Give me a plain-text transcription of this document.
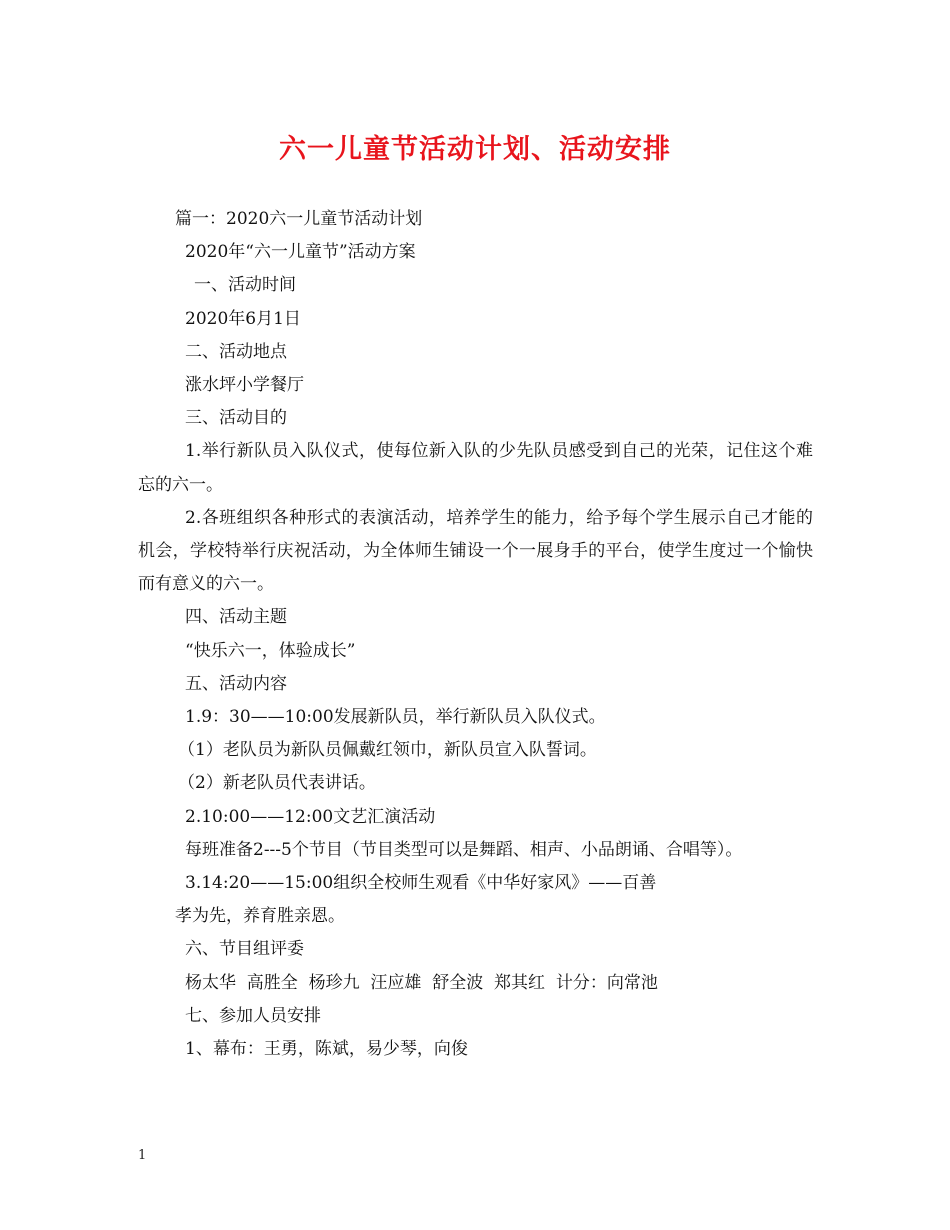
六一儿童节活动计划、活动安排
篇一：2020六一儿童节活动计划
2020年“六一儿童节”活动方案
一、活动时间
2020年6月1日
二、活动地点
涨水坪小学餐厅
三、活动目的
1.举行新队员入队仪式，使每位新入队的少先队员感受到自己的光荣，记住这个难忘的六一。
2.各班组织各种形式的表演活动，培养学生的能力，给予每个学生展示自己才能的机会，学校特举行庆祝活动，为全体师生铺设一个一展身手的平台，使学生度过一个愉快而有意义的六一。
四、活动主题
“快乐六一，体验成长”
五、活动内容
1.9：30——10:00发展新队员，举行新队员入队仪式。
（1）老队员为新队员佩戴红领巾，新队员宣入队誓词。
（2）新老队员代表讲话。
2.10:00——12:00文艺汇演活动
每班准备2---5个节目（节目类型可以是舞蹈、相声、小品朗诵、合唱等）。
3.14:20——15:00组织全校师生观看《中华好家风》——百善
孝为先，养育胜亲恩。
六、节目组评委
杨太华  高胜全  杨珍九  汪应雄  舒全波  郑其红  计分：向常池
七、参加人员安排
1、幕布：王勇，陈斌，易少琴，向俊
1
